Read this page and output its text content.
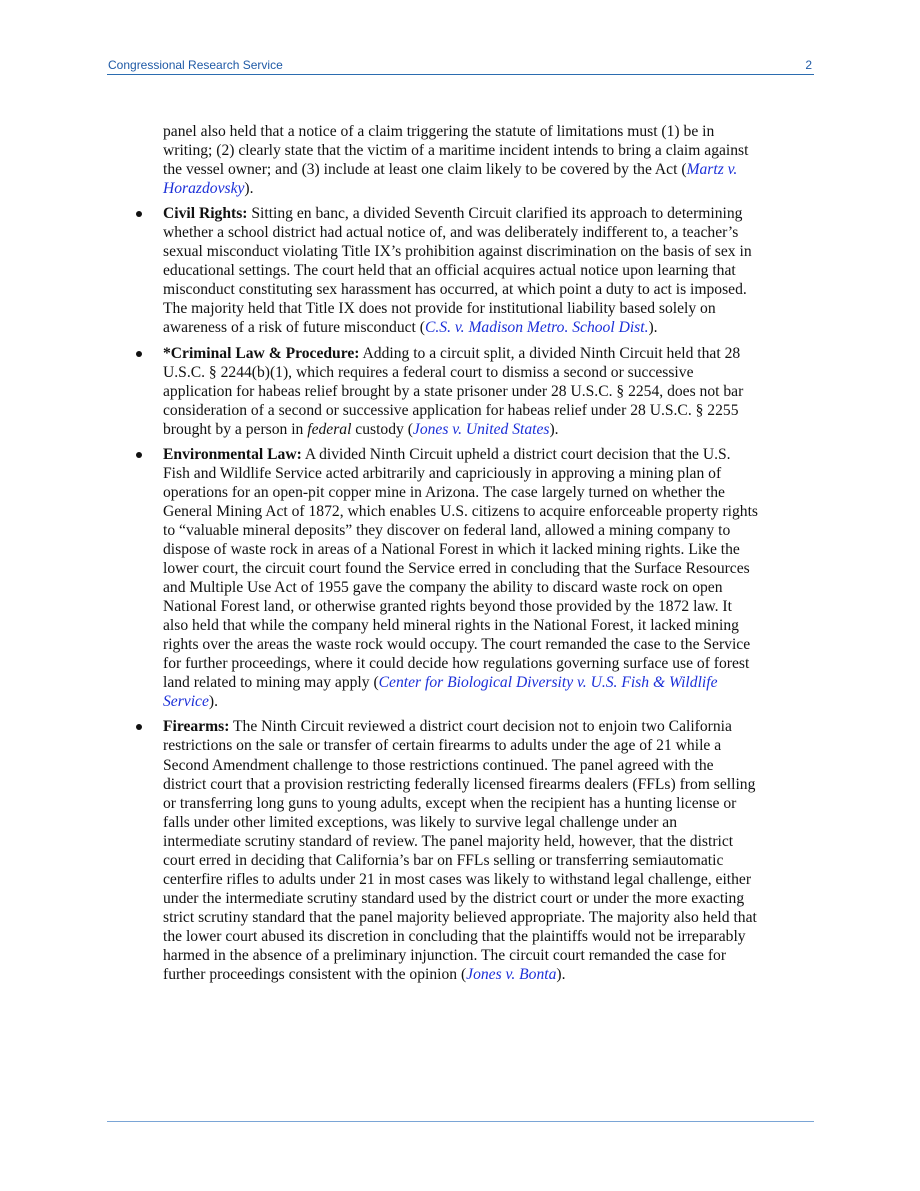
Congressional Research Service	2

panel also held that a notice of a claim triggering the statute of limitations must (1) be in writing; (2) clearly state that the victim of a maritime incident intends to bring a claim against the vessel owner; and (3) include at least one claim likely to be covered by the Act (Martz v. Horazdovsky).

Civil Rights: Sitting en banc, a divided Seventh Circuit clarified its approach to determining whether a school district had actual notice of, and was deliberately indifferent to, a teacher’s sexual misconduct violating Title IX’s prohibition against discrimination on the basis of sex in educational settings. The court held that an official acquires actual notice upon learning that misconduct constituting sex harassment has occurred, at which point a duty to act is imposed. The majority held that Title IX does not provide for institutional liability based solely on awareness of a risk of future misconduct (C.S. v. Madison Metro. School Dist.).
*Criminal Law & Procedure: Adding to a circuit split, a divided Ninth Circuit held that 28 U.S.C. § 2244(b)(1), which requires a federal court to dismiss a second or successive application for habeas relief brought by a state prisoner under 28 U.S.C. § 2254, does not bar consideration of a second or successive application for habeas relief under 28 U.S.C. § 2255 brought by a person in federal custody (Jones v. United States).
Environmental Law: A divided Ninth Circuit upheld a district court decision that the U.S. Fish and Wildlife Service acted arbitrarily and capriciously in approving a mining plan of operations for an open-pit copper mine in Arizona. The case largely turned on whether the General Mining Act of 1872, which enables U.S. citizens to acquire enforceable property rights to “valuable mineral deposits” they discover on federal land, allowed a mining company to dispose of waste rock in areas of a National Forest in which it lacked mining rights. Like the lower court, the circuit court found the Service erred in concluding that the Surface Resources and Multiple Use Act of 1955 gave the company the ability to discard waste rock on open National Forest land, or otherwise granted rights beyond those provided by the 1872 law. It also held that while the company held mineral rights in the National Forest, it lacked mining rights over the areas the waste rock would occupy. The court remanded the case to the Service for further proceedings, where it could decide how regulations governing surface use of forest land related to mining may apply (Center for Biological Diversity v. U.S. Fish & Wildlife Service).
Firearms: The Ninth Circuit reviewed a district court decision not to enjoin two California restrictions on the sale or transfer of certain firearms to adults under the age of 21 while a Second Amendment challenge to those restrictions continued. The panel agreed with the district court that a provision restricting federally licensed firearms dealers (FFLs) from selling or transferring long guns to young adults, except when the recipient has a hunting license or falls under other limited exceptions, was likely to survive legal challenge under an intermediate scrutiny standard of review. The panel majority held, however, that the district court erred in deciding that California’s bar on FFLs selling or transferring semiautomatic centerfire rifles to adults under 21 in most cases was likely to withstand legal challenge, either under the intermediate scrutiny standard used by the district court or under the more exacting strict scrutiny standard that the panel majority believed appropriate. The majority also held that the lower court abused its discretion in concluding that the plaintiffs would not be irreparably harmed in the absence of a preliminary injunction. The circuit court remanded the case for further proceedings consistent with the opinion (Jones v. Bonta).
